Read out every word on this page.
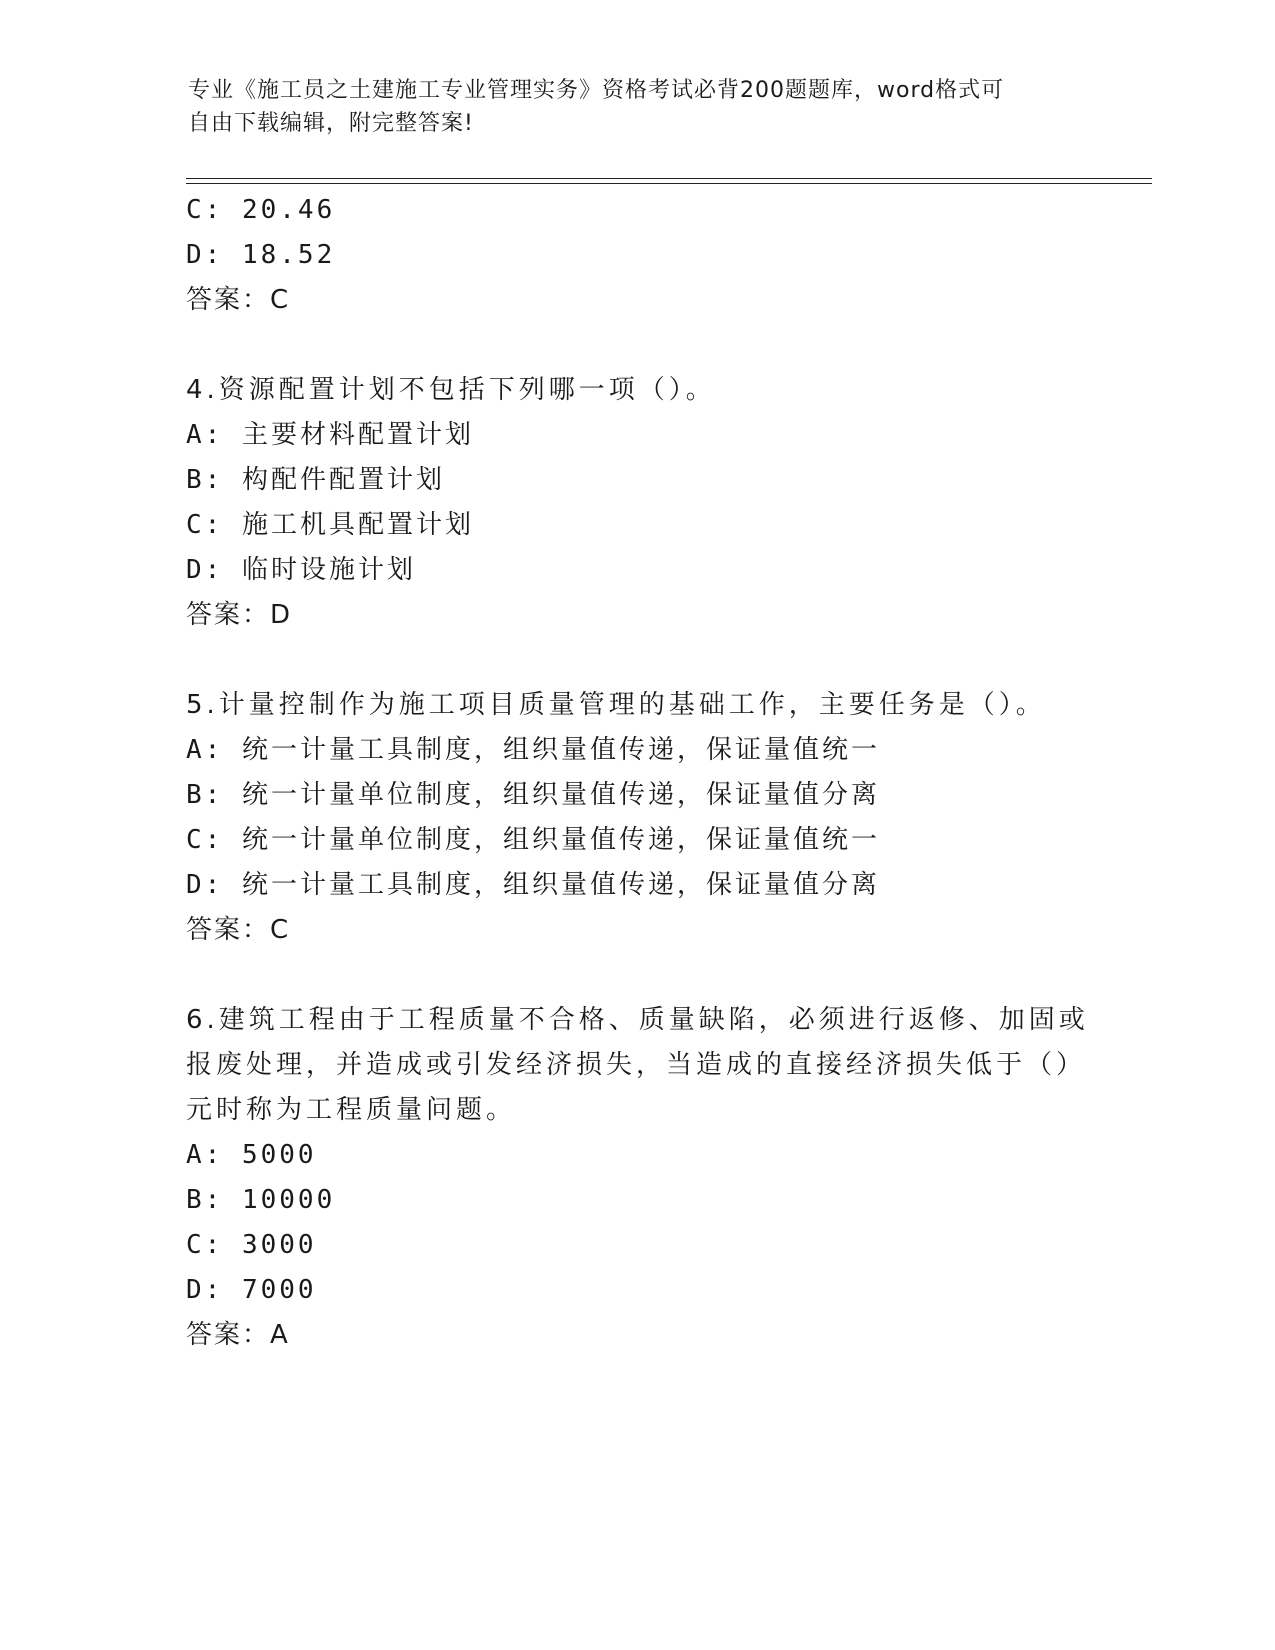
专业《施工员之土建施工专业管理实务》资格考试必背200题题库，word格式可
自由下载编辑，附完整答案!
C: 20.46
D: 18.52
答案：C
4.资源配置计划不包括下列哪一项（）。
A: 主要材料配置计划
B: 构配件配置计划
C: 施工机具配置计划
D: 临时设施计划
答案：D
5.计量控制作为施工项目质量管理的基础工作，主要任务是（）。
A: 统一计量工具制度，组织量值传递，保证量值统一
B: 统一计量单位制度，组织量值传递，保证量值分离
C: 统一计量单位制度，组织量值传递，保证量值统一
D: 统一计量工具制度，组织量值传递，保证量值分离
答案：C
6.建筑工程由于工程质量不合格、质量缺陷，必须进行返修、加固或
报废处理，并造成或引发经济损失，当造成的直接经济损失低于（）
元时称为工程质量问题。
A: 5000
B: 10000
C: 3000
D: 7000
答案：A
